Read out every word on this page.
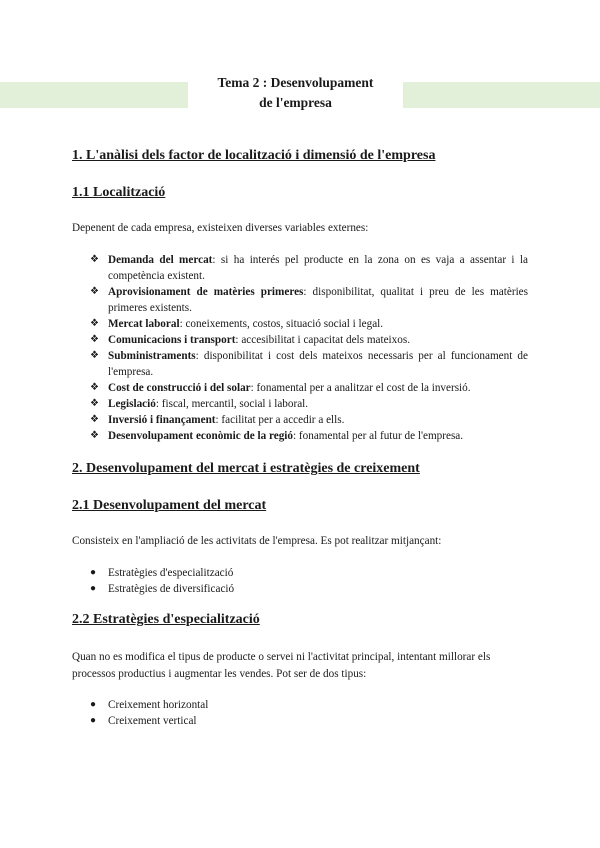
Tema 2 : Desenvolupament
de l'empresa
1. L'anàlisi dels factor de localització i dimensió de l'empresa
1.1 Localització
Depenent de cada empresa, existeixen diverses variables externes:
❖ Demanda del mercat: si ha interés pel producte en la zona on es vaja a assentar i la competència existent.
❖ Aprovisionament de matèries primeres: disponibilitat, qualitat i preu de les matèries primeres existents.
❖ Mercat laboral: coneixements, costos, situació social i legal.
❖ Comunicacions i transport: accesibilitat i capacitat dels mateixos.
❖ Subministraments: disponibilitat i cost dels mateixos necessaris per al funcionament de l'empresa.
❖ Cost de construcció i del solar: fonamental per a analitzar el cost de la inversió.
❖ Legislació: fiscal, mercantil, social i laboral.
❖ Inversió i finançament: facilitat per a accedir a ells.
❖ Desenvolupament econòmic de la regió: fonamental per al futur de l'empresa.
2. Desenvolupament del mercat i estratègies de creixement
2.1 Desenvolupament del mercat
Consisteix en l'ampliació de les activitats de l'empresa. Es pot realitzar mitjançant:
● Estratègies d'especialització
● Estratègies de diversificació
2.2 Estratègies d'especialització
Quan no es modifica el tipus de producte o servei ni l'activitat principal, intentant millorar els processos productius i augmentar les vendes. Pot ser de dos tipus:
● Creixement horizontal
● Creixement vertical
